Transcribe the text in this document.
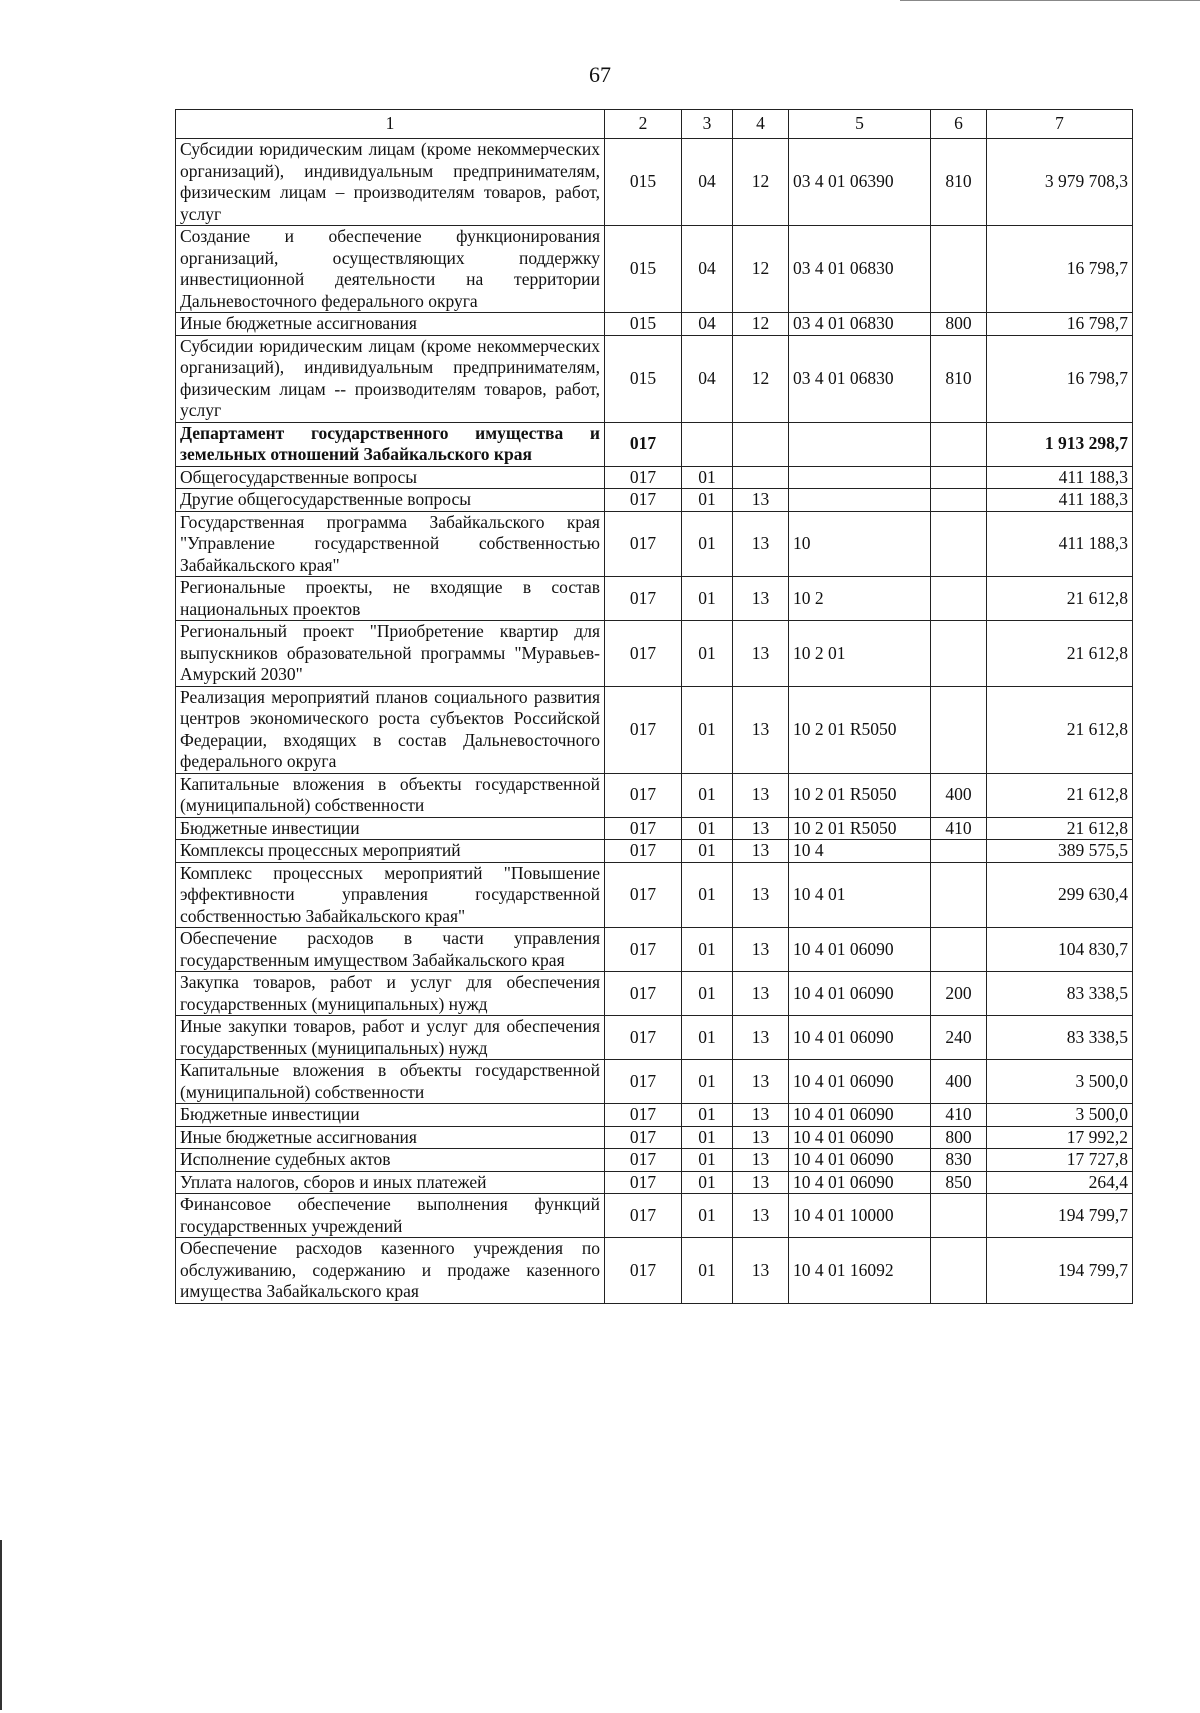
67
1	2	3	4	5	6	7
Субсидии юридическим лицам (кроме некоммерческих организаций), индивидуальным предпринимателям, физическим лицам – производителям товаров, работ, услуг	015	04	12	03 4 01 06390	810	3 979 708,3
Создание и обеспечение функционирования организаций, осуществляющих поддержку инвестиционной деятельности на территории Дальневосточного федерального округа	015	04	12	03 4 01 06830		16 798,7
Иные бюджетные ассигнования	015	04	12	03 4 01 06830	800	16 798,7
Субсидии юридическим лицам (кроме некоммерческих организаций), индивидуальным предпринимателям, физическим лицам -- производителям товаров, работ, услуг	015	04	12	03 4 01 06830	810	16 798,7
Департамент государственного имущества и земельных отношений Забайкальского края	017					1 913 298,7
Общегосударственные вопросы	017	01				411 188,3
Другие общегосударственные вопросы	017	01	13			411 188,3
Государственная программа Забайкальского края "Управление государственной собственностью Забайкальского края"	017	01	13	10		411 188,3
Региональные проекты, не входящие в состав национальных проектов	017	01	13	10 2		21 612,8
Региональный проект "Приобретение квартир для выпускников образовательной программы "Муравьев-Амурский 2030"	017	01	13	10 2 01		21 612,8
Реализация мероприятий планов социального развития центров экономического роста субъектов Российской Федерации, входящих в состав Дальневосточного федерального округа	017	01	13	10 2 01 R5050		21 612,8
Капитальные вложения в объекты государственной (муниципальной) собственности	017	01	13	10 2 01 R5050	400	21 612,8
Бюджетные инвестиции	017	01	13	10 2 01 R5050	410	21 612,8
Комплексы процессных мероприятий	017	01	13	10 4		389 575,5
Комплекс процессных мероприятий "Повышение эффективности управления государственной собственностью Забайкальского края"	017	01	13	10 4 01		299 630,4
Обеспечение расходов в части управления государственным имуществом Забайкальского края	017	01	13	10 4 01 06090		104 830,7
Закупка товаров, работ и услуг для обеспечения государственных (муниципальных) нужд	017	01	13	10 4 01 06090	200	83 338,5
Иные закупки товаров, работ и услуг для обеспечения государственных (муниципальных) нужд	017	01	13	10 4 01 06090	240	83 338,5
Капитальные вложения в объекты государственной (муниципальной) собственности	017	01	13	10 4 01 06090	400	3 500,0
Бюджетные инвестиции	017	01	13	10 4 01 06090	410	3 500,0
Иные бюджетные ассигнования	017	01	13	10 4 01 06090	800	17 992,2
Исполнение судебных актов	017	01	13	10 4 01 06090	830	17 727,8
Уплата налогов, сборов и иных платежей	017	01	13	10 4 01 06090	850	264,4
Финансовое обеспечение выполнения функций государственных учреждений	017	01	13	10 4 01 10000		194 799,7
Обеспечение расходов казенного учреждения по обслуживанию, содержанию и продаже казенного имущества Забайкальского края	017	01	13	10 4 01 16092		194 799,7
